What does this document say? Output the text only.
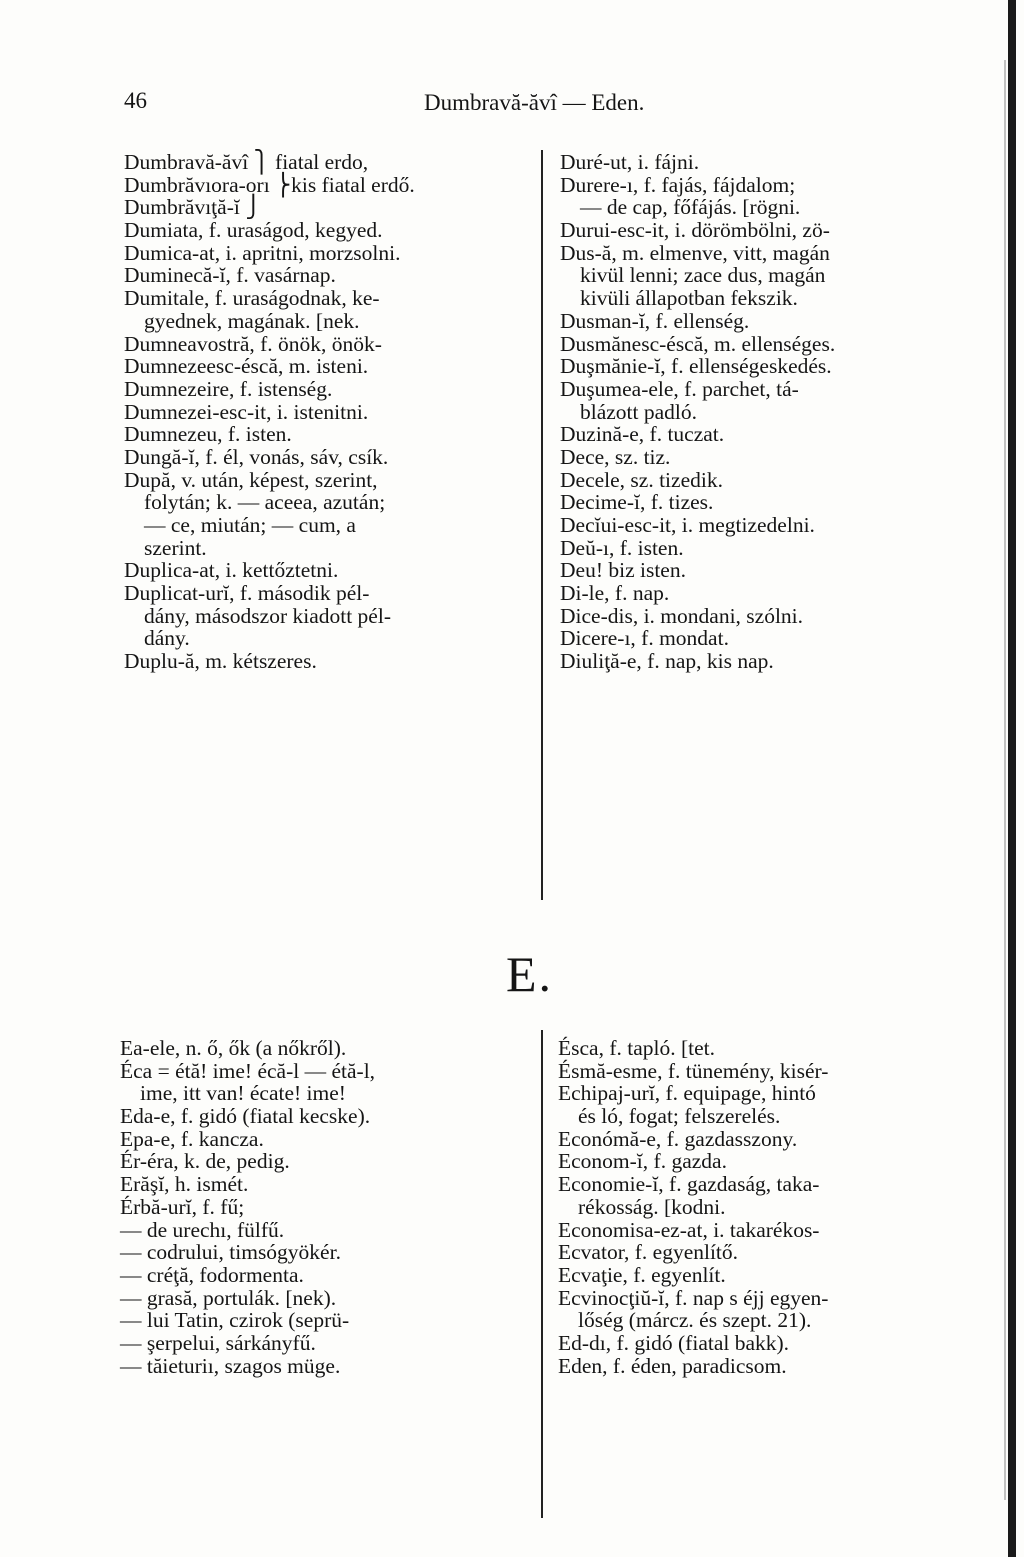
46	Dumbravă-ăvî — Eden.
Dumbravă-ăvî ⎫ fiatal erdo,
Dumbrăvıora-orı ⎬kis fiatal erdő.
Dumbrăvıţă-ĭ ⎭
Dumiata, f. uraságod, kegyed.
Dumica-at, i. apritni, morzsolni.
Duminecă-ĭ, f. vasárnap.
Dumitale, f. uraságodnak, ke-
gyednek, magának. [nek.
Dumneavostră, f. önök, önök-
Dumnezeesc-éscă, m. isteni.
Dumnezeire, f. istenség.
Dumnezei-esc-it, i. istenitni.
Dumnezeu, f. isten.
Dungă-ĭ, f. él, vonás, sáv, csík.
După, v. után, képest, szerint,
folytán; k. — aceea, azután;
— ce, miután; — cum, a
szerint.
Duplica-at, i. kettőztetni.
Duplicat-urĭ, f. második pél-
dány, másodszor kiadott pél-
dány.
Duplu-ă, m. kétszeres.
Duré-ut, i. fájni.
Durere-ı, f. fajás, fájdalom;
— de cap, főfájás. [rögni.
Durui-esc-it, i. dörömbölni, zö-
Dus-ă, m. elmenve, vitt, magán
kivül lenni; zace dus, magán
kivüli állapotban fekszik.
Dusman-ĭ, f. ellenség.
Dusmănesc-éscă, m. ellenséges.
Duşmănie-ĭ, f. ellenségeskedés.
Duşumea-ele, f. parchet, tá-
blázott padló.
Duzină-e, f. tuczat.
Dece, sz. tiz.
Decele, sz. tizedik.
Decime-ĭ, f. tizes.
Decĭui-esc-it, i. megtizedelni.
Deŭ-ı, f. isten.
Deu! biz isten.
Di-le, f. nap.
Dice-dis, i. mondani, szólni.
Dicere-ı, f. mondat.
Diuliţă-e, f. nap, kis nap.
E.
Ea-ele, n. ő, ők (a nőkről).
Éca = étă! ime! écă-l — étă-l,
ime, itt van! écate! ime!
Eda-e, f. gidó (fiatal kecske).
Epa-e, f. kancza.
Ér-éra, k. de, pedig.
Erăşĭ, h. ismét.
Érbă-urĭ, f. fű;
— de urechı, fülfű.
— codrului, timsógyökér.
— créţă, fodormenta.
— grasă, portulák. [nek).
— lui Tatin, czirok (seprü-
— şerpelui, sárkányfű.
— tăieturiı, szagos müge.
Ésca, f. tapló. [tet.
Ésmă-esme, f. tünemény, kisér-
Echipaj-urĭ, f. equipage, hintó
és ló, fogat; felszerelés.
Económă-e, f. gazdasszony.
Econom-ĭ, f. gazda.
Economie-ĭ, f. gazdaság, taka-
rékosság. [kodni.
Economisa-ez-at, i. takarékos-
Ecvator, f. egyenlítő.
Ecvaţie, f. egyenlít.
Ecvinocţiŭ-ĭ, f. nap s éjj egyen-
lőség (márcz. és szept. 21).
Ed-dı, f. gidó (fiatal bakk).
Eden, f. éden, paradicsom.
